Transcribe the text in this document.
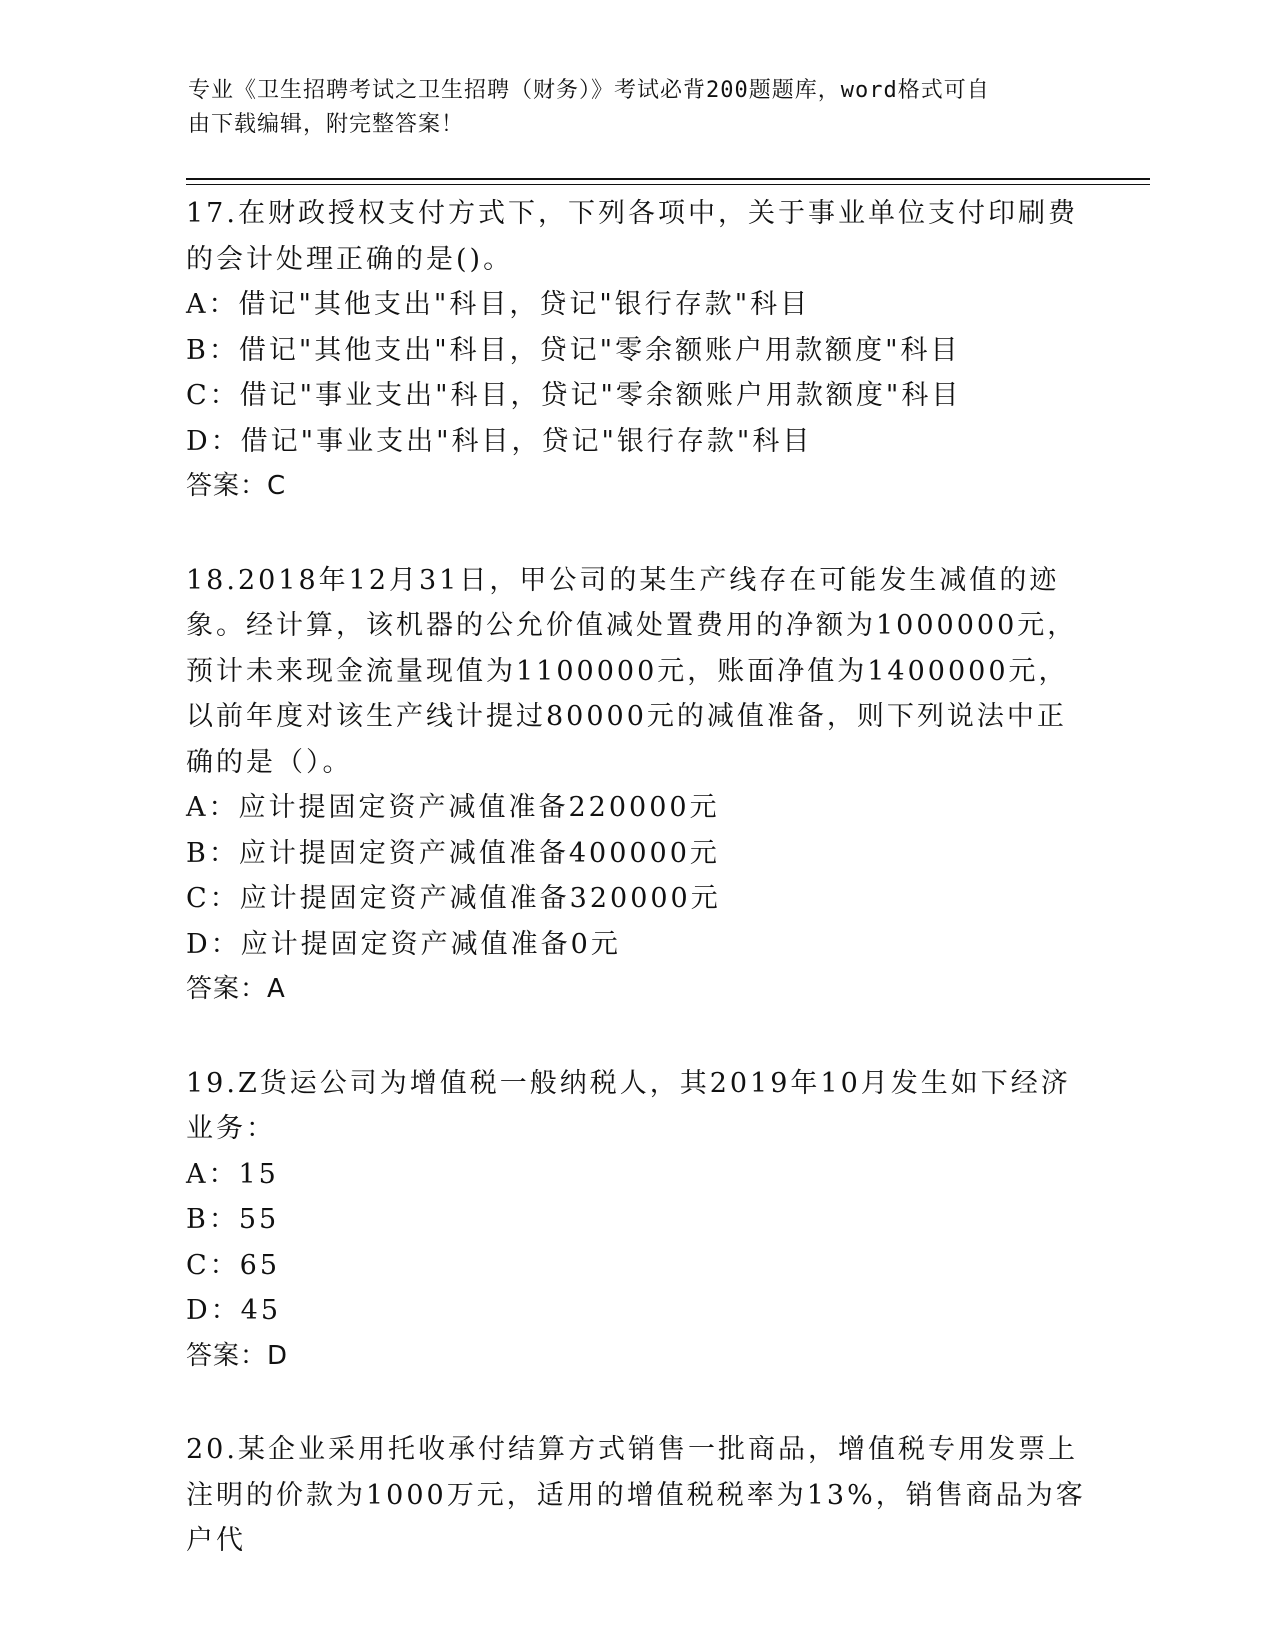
专业《卫生招聘考试之卫生招聘（财务）》考试必背200题题库，word格式可自
由下载编辑，附完整答案！

17.在财政授权支付方式下，下列各项中，关于事业单位支付印刷费的会计处理正确的是()。

A：借记"其他支出"科目，贷记"银行存款"科目

B：借记"其他支出"科目，贷记"零余额账户用款额度"科目

C：借记"事业支出"科目，贷记"零余额账户用款额度"科目

D：借记"事业支出"科目，贷记"银行存款"科目

答案：C

18.2018年12月31日，甲公司的某生产线存在可能发生减值的迹象。经计算，该机器的公允价值减处置费用的净额为1000000元，预计未来现金流量现值为1100000元，账面净值为1400000元，以前年度对该生产线计提过80000元的减值准备，则下列说法中正确的是（）。

A：应计提固定资产减值准备220000元

B：应计提固定资产减值准备400000元

C：应计提固定资产减值准备320000元

D：应计提固定资产减值准备0元

答案：A

19.Z货运公司为增值税一般纳税人，其2019年10月发生如下经济业务：

A：15

B：55

C：65

D：45

答案：D

20.某企业采用托收承付结算方式销售一批商品，增值税专用发票上注明的价款为1000万元，适用的增值税税率为13%，销售商品为客户代
